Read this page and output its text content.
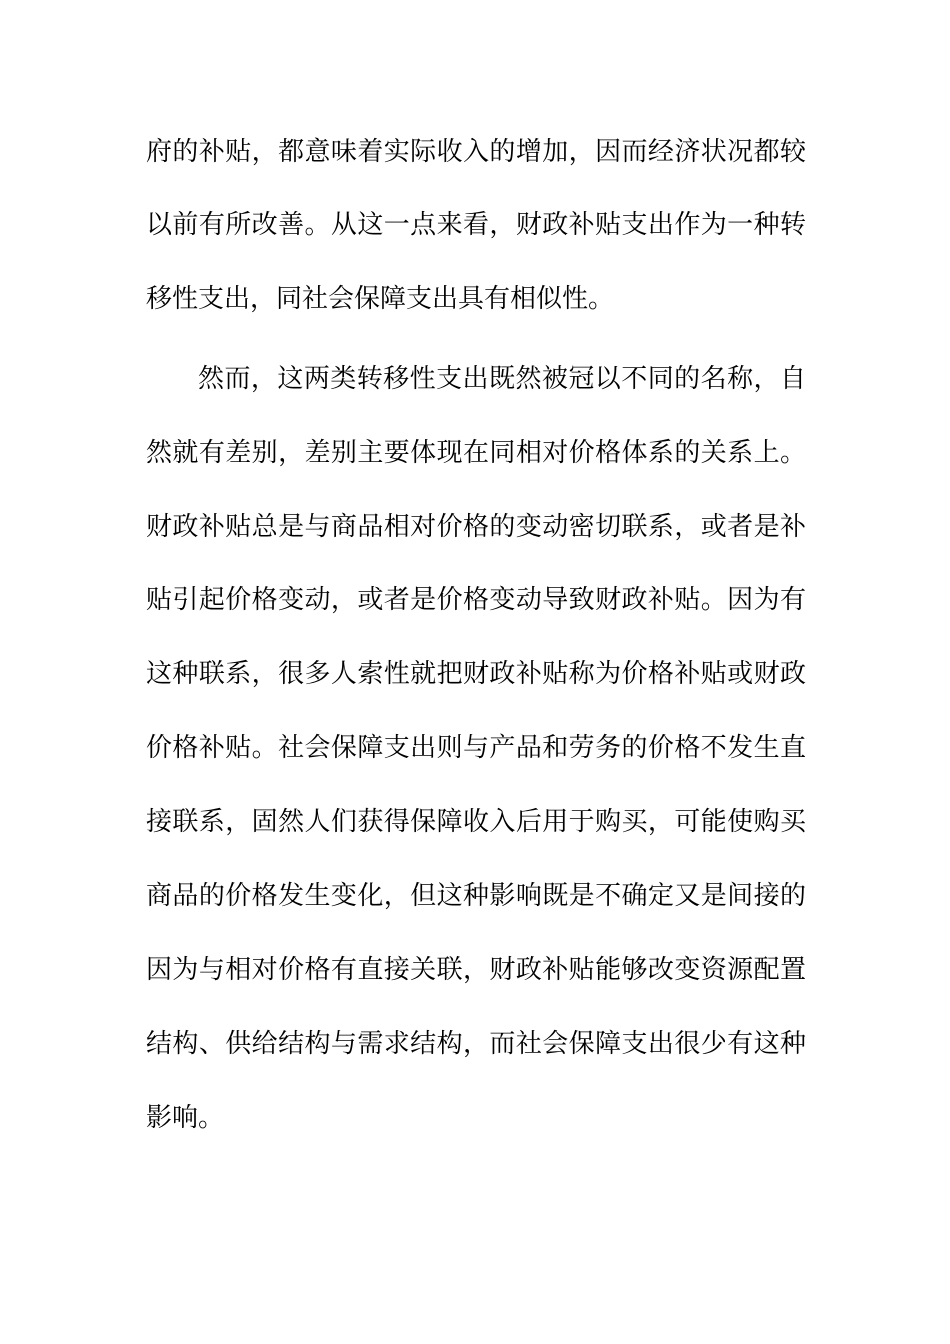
府的补贴，都意味着实际收入的增加，因而经济状况都较
以前有所改善。从这一点来看，财政补贴支出作为一种转
移性支出，同社会保障支出具有相似性。
然而，这两类转移性支出既然被冠以不同的名称，自
然就有差别，差别主要体现在同相对价格体系的关系上。
财政补贴总是与商品相对价格的变动密切联系，或者是补
贴引起价格变动，或者是价格变动导致财政补贴。因为有
这种联系，很多人索性就把财政补贴称为价格补贴或财政
价格补贴。社会保障支出则与产品和劳务的价格不发生直
接联系，固然人们获得保障收入后用于购买，可能使购买
商品的价格发生变化，但这种影响既是不确定又是间接的
因为与相对价格有直接关联，财政补贴能够改变资源配置
结构、供给结构与需求结构，而社会保障支出很少有这种
影响。
